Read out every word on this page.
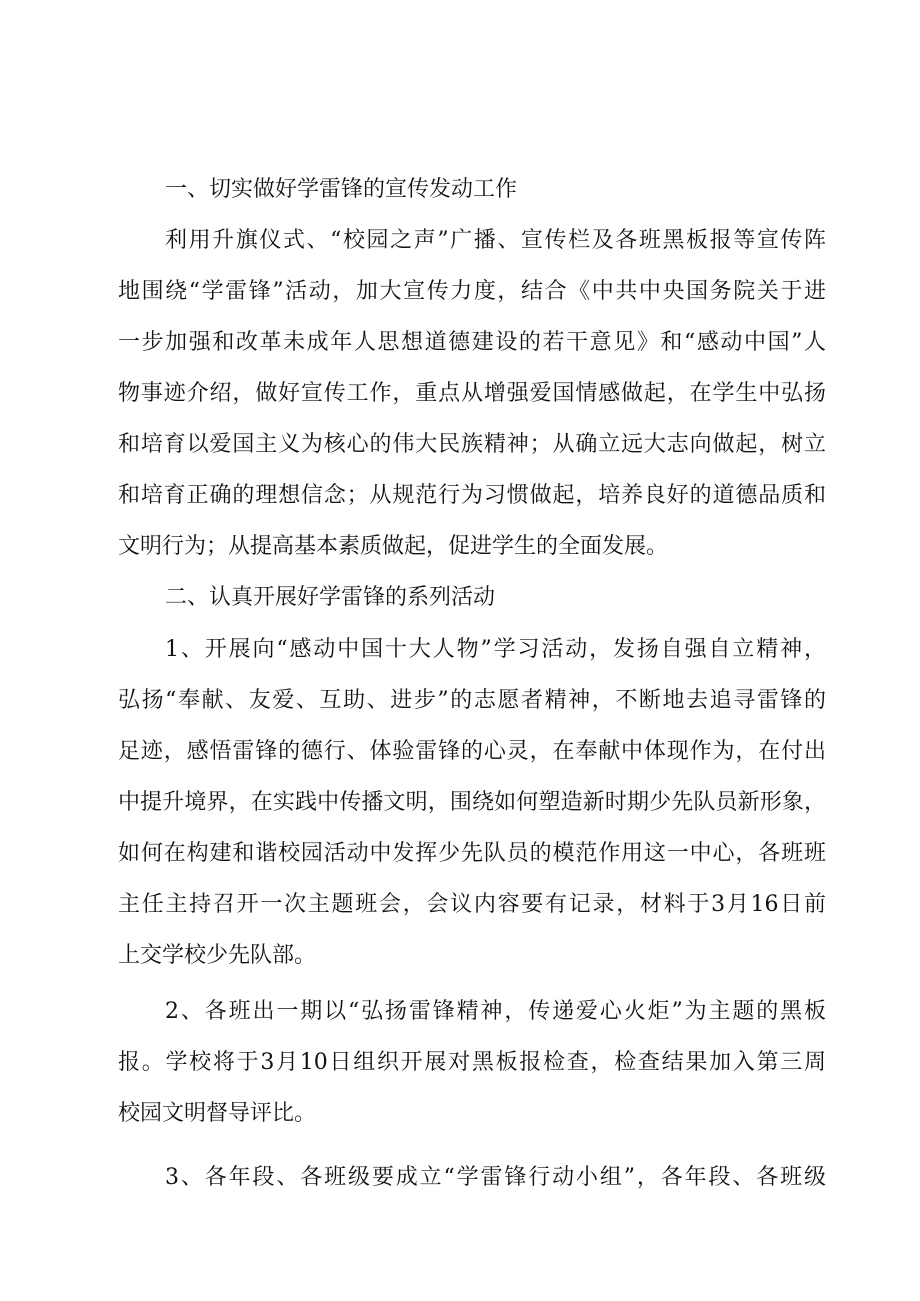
一、切实做好学雷锋的宣传发动工作
利用升旗仪式、“校园之声”广播、宣传栏及各班黑板报等宣传阵
地围绕“学雷锋”活动，加大宣传力度，结合《中共中央国务院关于进
一步加强和改革未成年人思想道德建设的若干意见》和“感动中国”人
物事迹介绍，做好宣传工作，重点从增强爱国情感做起，在学生中弘扬
和培育以爱国主义为核心的伟大民族精神；从确立远大志向做起，树立
和培育正确的理想信念；从规范行为习惯做起，培养良好的道德品质和
文明行为；从提高基本素质做起，促进学生的全面发展。
二、认真开展好学雷锋的系列活动
1、开展向“感动中国十大人物”学习活动，发扬自强自立精神，
弘扬“奉献、友爱、互助、进步”的志愿者精神，不断地去追寻雷锋的
足迹，感悟雷锋的德行、体验雷锋的心灵，在奉献中体现作为，在付出
中提升境界，在实践中传播文明，围绕如何塑造新时期少先队员新形象，
如何在构建和谐校园活动中发挥少先队员的模范作用这一中心，各班班
主任主持召开一次主题班会，会议内容要有记录，材料于3月16日前
上交学校少先队部。
2、各班出一期以“弘扬雷锋精神，传递爱心火炬”为主题的黑板
报。学校将于3月10日组织开展对黑板报检查，检查结果加入第三周
校园文明督导评比。
3、各年段、各班级要成立“学雷锋行动小组”，各年段、各班级
